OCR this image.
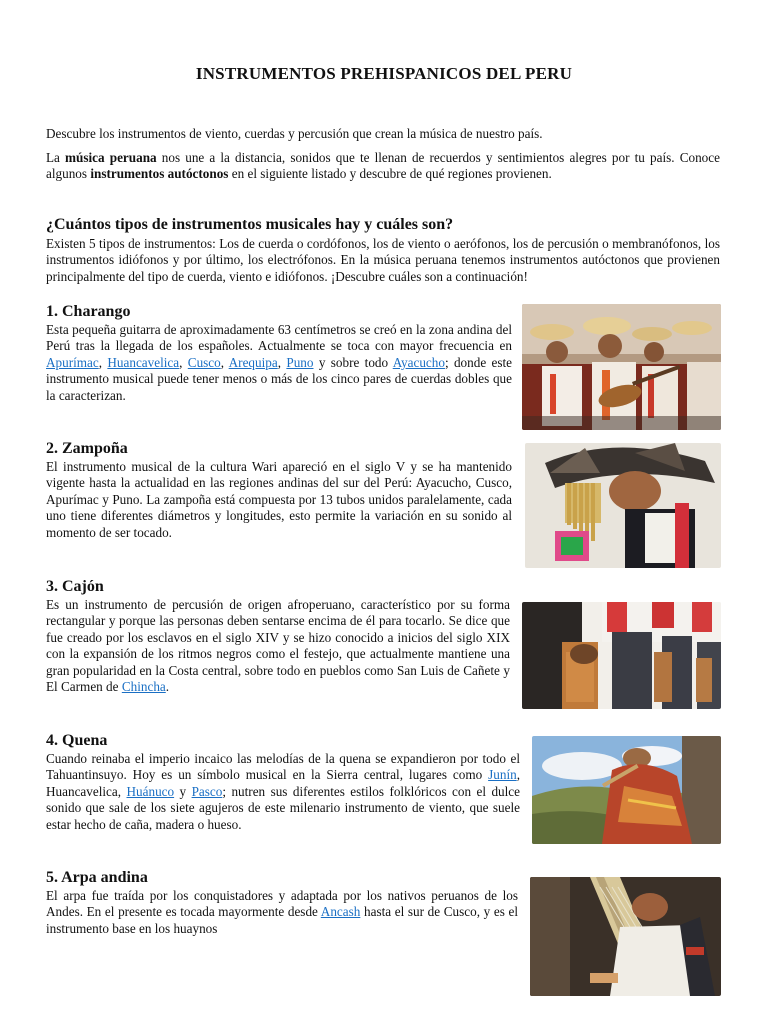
INSTRUMENTOS PREHISPANICOS DEL PERU
Descubre los instrumentos de viento, cuerdas y percusión que crean la música de nuestro país.
La música peruana nos une a la distancia, sonidos que te llenan de recuerdos y sentimientos alegres por tu país. Conoce algunos instrumentos autóctonos en el siguiente listado y descubre de qué regiones provienen.
¿Cuántos tipos de instrumentos musicales hay y cuáles son?
Existen 5 tipos de instrumentos: Los de cuerda o cordófonos, los de viento o aerófonos, los de percusión o membranófonos, los instrumentos idiófonos y por último, los electrófonos. En la música peruana tenemos instrumentos autóctonos que provienen principalmente del tipo de cuerda, viento e idiófonos. ¡Descubre cuáles son a continuación!
1. Charango
Esta pequeña guitarra de aproximadamente 63 centímetros se creó en la zona andina del Perú tras la llegada de los españoles. Actualmente se toca con mayor frecuencia en Apurímac, Huancavelica, Cusco, Arequipa, Puno y sobre todo Ayacucho; donde este instrumento musical puede tener menos o más de los cinco pares de cuerdas dobles que la caracterizan.
2. Zampoña
El instrumento musical de la cultura Wari apareció en el siglo V y se ha mantenido vigente hasta la actualidad en las regiones andinas del sur del Perú: Ayacucho, Cusco, Apurímac y Puno. La zampoña está compuesta por 13 tubos unidos paralelamente, cada uno tiene diferentes diámetros y longitudes, esto permite la variación en su sonido al momento de ser tocado.
3. Cajón
Es un instrumento de percusión de origen afroperuano, característico por su forma rectangular y porque las personas deben sentarse encima de él para tocarlo. Se dice que fue creado por los esclavos en el siglo XIV y se hizo conocido a inicios del siglo XIX con la expansión de los ritmos negros como el festejo, que actualmente mantiene una gran popularidad en la Costa central, sobre todo en pueblos como San Luis de Cañete y El Carmen de Chincha.
4. Quena
Cuando reinaba el imperio incaico las melodías de la quena se expandieron por todo el Tahuantinsuyo. Hoy es un símbolo musical en la Sierra central, lugares como Junín, Huancavelica, Huánuco y Pasco; nutren sus diferentes estilos folklóricos con el dulce sonido que sale de los siete agujeros de este milenario instrumento de viento, que suele estar hecho de caña, madera o hueso.
5. Arpa andina
El arpa fue traída por los conquistadores y adaptada por los nativos peruanos de los Andes. En el presente es tocada mayormente desde Ancash hasta el sur de Cusco, y es el instrumento base en los huaynos
